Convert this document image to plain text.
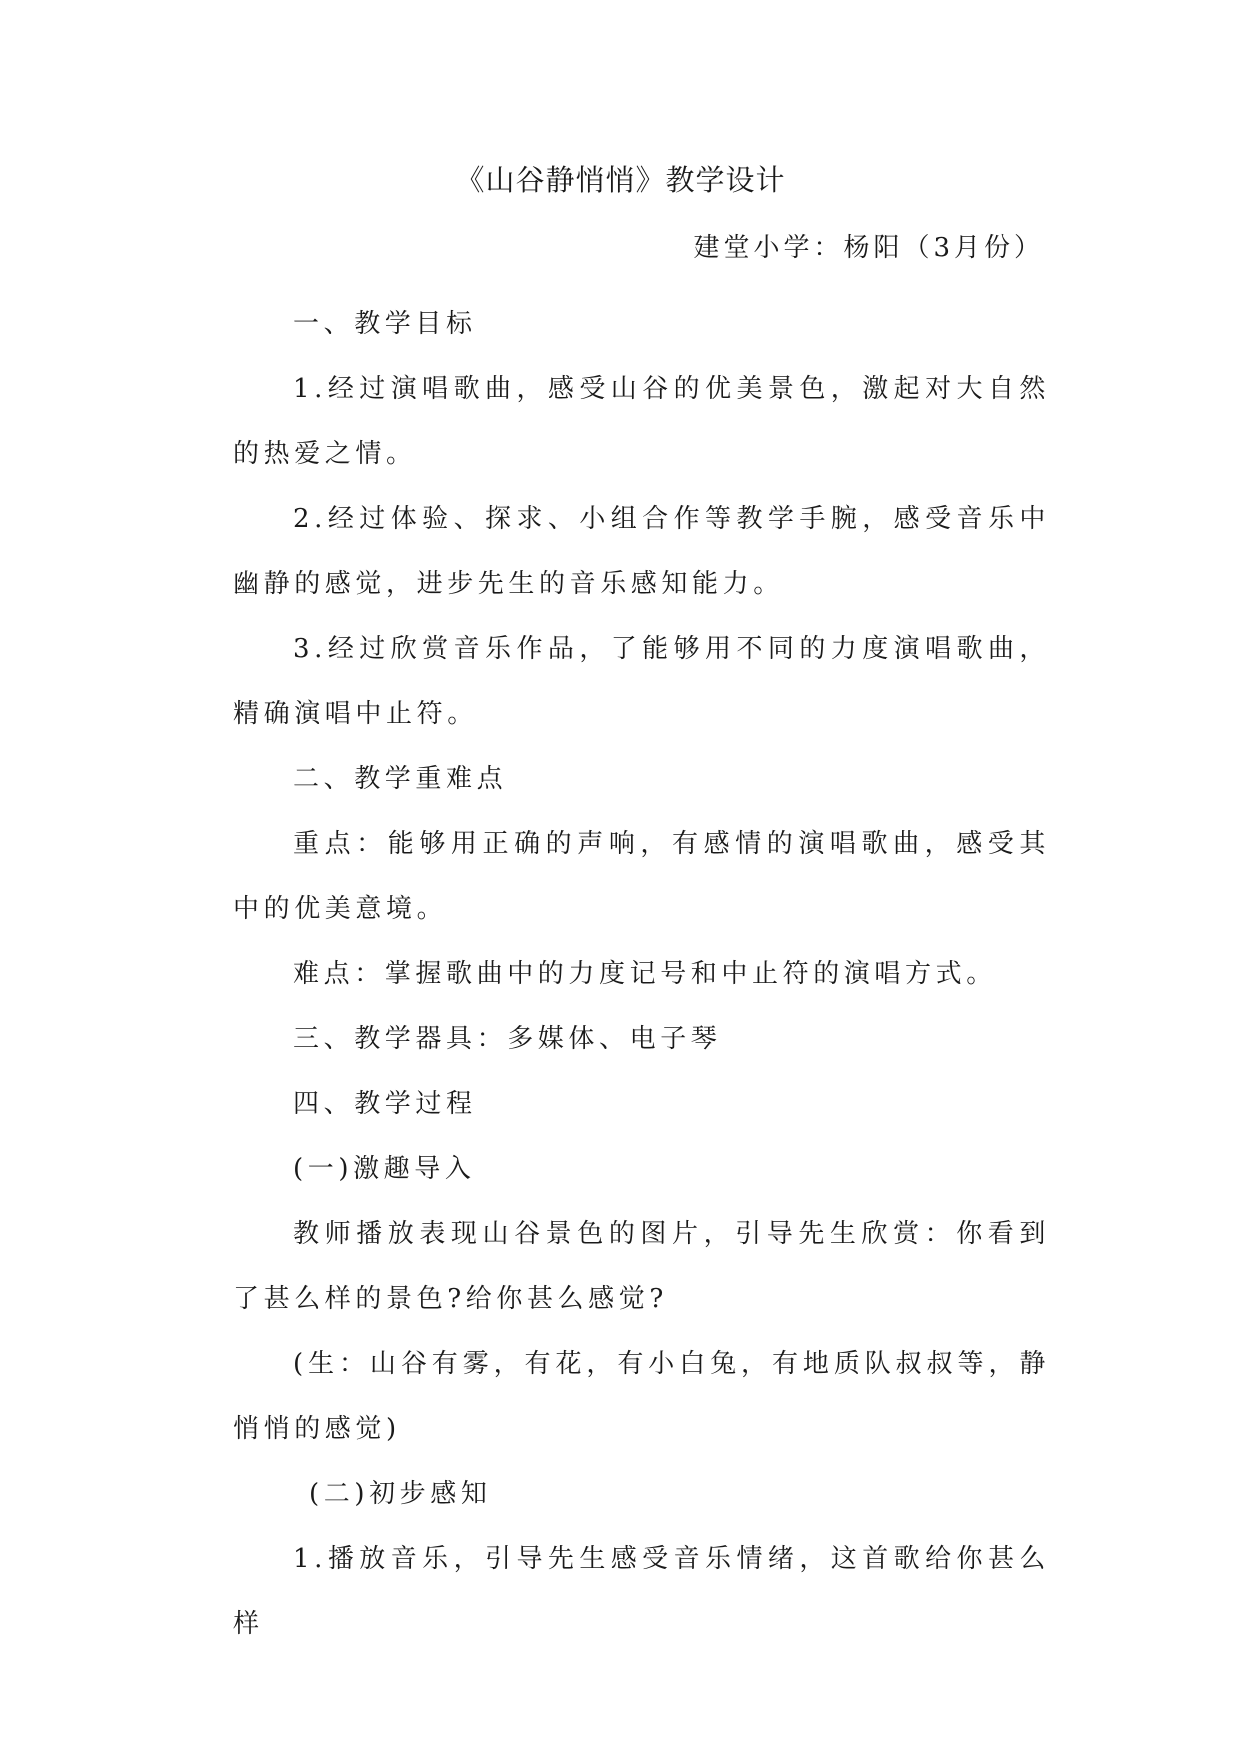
《山谷静悄悄》教学设计
建堂小学：杨阳（3月份）

一、教学目标

1.经过演唱歌曲，感受山谷的优美景色，激起对大自然的热爱之情。

2.经过体验、探求、小组合作等教学手腕，感受音乐中幽静的感觉，进步先生的音乐感知能力。

3.经过欣赏音乐作品，了能够用不同的力度演唱歌曲，精确演唱中止符。

二、教学重难点

重点：能够用正确的声响，有感情的演唱歌曲，感受其中的优美意境。

难点：掌握歌曲中的力度记号和中止符的演唱方式。

三、教学器具：多媒体、电子琴

四、教学过程

(一)激趣导入

教师播放表现山谷景色的图片，引导先生欣赏：你看到了甚么样的景色?给你甚么感觉?

(生：山谷有雾，有花，有小白兔，有地质队叔叔等，静悄悄的感觉)

(二)初步感知

1.播放音乐，引导先生感受音乐情绪，这首歌给你甚么样
